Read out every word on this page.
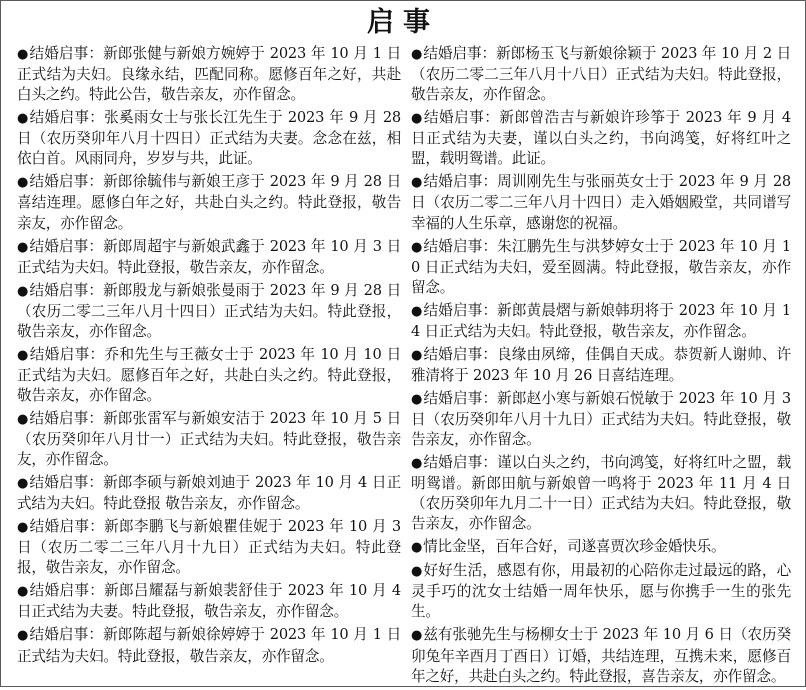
启事

●结婚启事：新郎张健与新娘方婉婷于 2023 年 10 月 1 日正式结为夫妇。良缘永结，匹配同称。愿修百年之好，共赴白头之约。特此公告，敬告亲友，亦作留念。

●结婚启事：张奚雨女士与张长江先生于 2023 年 9 月 28 日（农历癸卯年八月十四日）正式结为夫妻。念念在兹，相依白首。风雨同舟，岁岁与共，此证。

●结婚启事：新郎徐毓伟与新娘王彦于 2023 年 9 月 28 日喜结连理。愿修白年之好，共赴白头之约。特此登报，敬告亲友，亦作留念。

●结婚启事：新郎周超宇与新娘武鑫于 2023 年 10 月 3 日正式结为夫妇。特此登报，敬告亲友，亦作留念。

●结婚启事：新郎殷龙与新娘张曼雨于 2023 年 9 月 28 日（农历二零二三年八月十四日）正式结为夫妇。特此登报，敬告亲友，亦作留念。

●结婚启事：乔和先生与王薇女士于 2023 年 10 月 10 日正式结为夫妇。愿修百年之好，共赴白头之约。特此登报，敬告亲友，亦作留念。

●结婚启事：新郎张雷军与新娘安洁于 2023 年 10 月 5 日（农历癸卯年八月廿一）正式结为夫妇。特此登报，敬告亲友，亦作留念。

●结婚启事：新郎李硕与新娘刘迪于 2023 年 10 月 4 日正式结为夫妇。特此登报 敬告亲友，亦作留念。

●结婚启事：新郎李鹏飞与新娘瞿佳妮于 2023 年 10 月 3 日（农历二零二三年八月十九日）正式结为夫妇。特此登报，敬告亲友，亦作留念。

●结婚启事：新郎吕耀磊与新娘裴舒佳于 2023 年 10 月 4 日正式结为夫妻。特此登报，敬告亲友，亦作留念。

●结婚启事：新郎陈超与新娘徐婷婷于 2023 年 10 月 1 日正式结为夫妇。特此登报，敬告亲友，亦作留念。

●结婚启事：新郎杨玉飞与新娘徐颖于 2023 年 10 月 2 日（农历二零二三年八月十八日）正式结为夫妇。特此登报，敬告亲友，亦作留念。

●结婚启事：新郎曾浩吉与新娘许珍筝于 2023 年 9 月 4 日正式结为夫妻，谨以白头之约，书向鸿笺，好将红叶之盟，载明鸳谱。此证。

●结婚启事：周训刚先生与张丽英女士于 2023 年 9 月 28 日（农历二零二三年八月十四日）走入婚姻殿堂，共同谱写幸福的人生乐章，感谢您的祝福。

●结婚启事：朱江鹏先生与洪梦婷女士于 2023 年 10 月 10 日正式结为夫妇，爱至圆满。特此登报，敬告亲友，亦作留念。

●结婚启事：新郎黄晨熠与新娘韩玥将于 2023 年 10 月 14 日正式结为夫妇。特此登报，敬告亲友，亦作留念。

●结婚启事：良缘由夙缔，佳偶自天成。恭贺新人谢帅、许雅清将于 2023 年 10 月 26 日喜结连理。

●结婚启事：新郎赵小寒与新娘石悦敏于 2023 年 10 月 3 日（农历癸卯年八月十九日）正式结为夫妇。特此登报，敬告亲友，亦作留念。

●结婚启事：谨以白头之约，书向鸿笺，好将红叶之盟，载明鸳谱。新郎田航与新娘曾一鸣将于 2023 年 11 月 4 日（农历癸卯年九月二十一日）正式结为夫妇。特此登报，敬告亲友，亦作留念。

●情比金坚，百年合好，司遂喜贾次珍金婚快乐。

●好好生活，感恩有你，用最初的心陪你走过最远的路，心灵手巧的沈女士结婚一周年快乐，愿与你携手一生的张先生。

●兹有张驰先生与杨柳女士于 2023 年 10 月 6 日（农历癸卯兔年辛酉月丁酉日）订婚，共结连理，互携未来，愿修百年之好，共赴白头之约。特此登报，喜告亲友，亦作留念。
